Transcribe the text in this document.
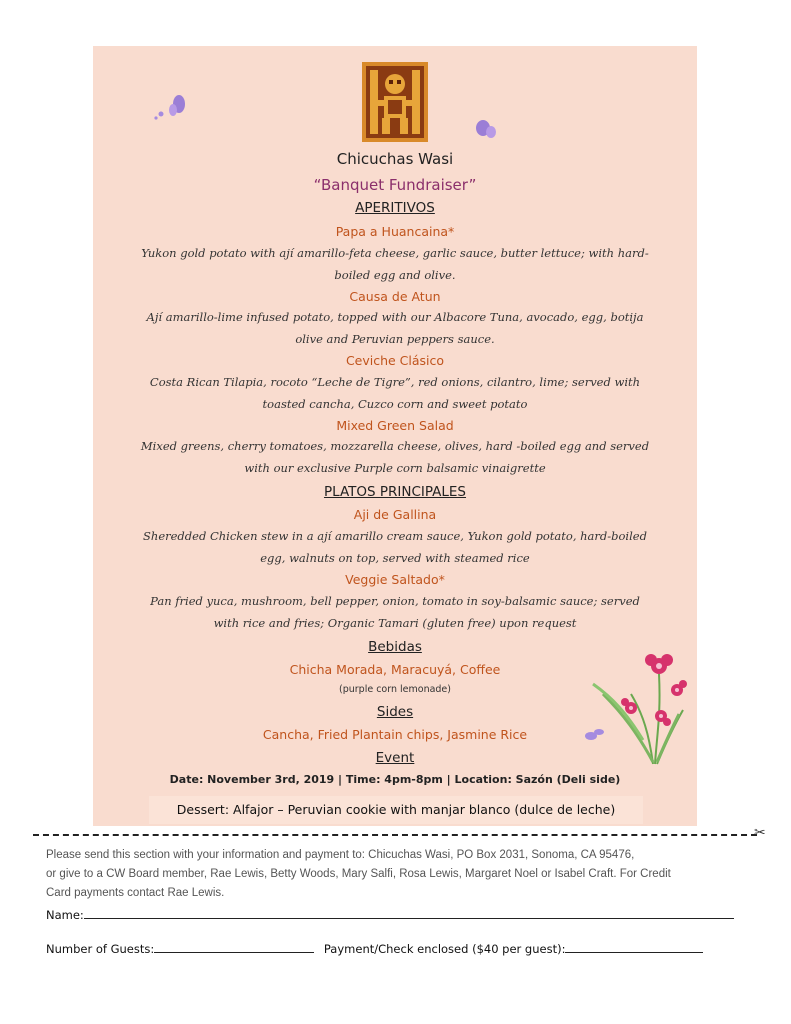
Chicuchas Wasi
“Banquet Fundraiser”
APERITIVOS
Papa a Huancaina*
Yukon gold potato with ají amarillo-feta cheese, garlic sauce, butter lettuce; with hard-
boiled egg and olive.
Causa de Atun
Ají amarillo-lime infused potato, topped with our Albacore Tuna, avocado, egg, botija
olive and Peruvian peppers sauce.
Ceviche Clásico
Costa Rican Tilapia, rocoto “Leche de Tigre”, red onions, cilantro, lime; served with
toasted cancha, Cuzco corn and sweet potato
Mixed Green Salad
Mixed greens, cherry tomatoes, mozzarella cheese, olives, hard -boiled egg and served
with our exclusive Purple corn balsamic vinaigrette
PLATOS PRINCIPALES
Aji de Gallina
Sheredded Chicken stew in a ají amarillo cream sauce, Yukon gold potato, hard-boiled
egg, walnuts on top, served with steamed rice
Veggie Saltado*
Pan fried yuca, mushroom, bell pepper, onion, tomato in soy-balsamic sauce; served
with rice and fries; Organic Tamari (gluten free) upon request
Bebidas
Chicha Morada, Maracuyá, Coffee
(purple corn lemonade)
Sides
Cancha, Fried Plantain chips, Jasmine Rice
Event
Date: November 3rd, 2019 | Time: 4pm-8pm | Location: Sazón (Deli side)
Dessert: Alfajor – Peruvian cookie with manjar blanco (dulce de leche)
✂
Please send this section with your information and payment to: Chicuchas Wasi, PO Box 2031, Sonoma, CA 95476,
or give to a CW Board member, Rae Lewis, Betty Woods, Mary Salfi, Rosa Lewis, Margaret Noel or Isabel Craft. For Credit
Card payments contact Rae Lewis.
Name:
Number of Guests:	Payment/Check enclosed ($40 per guest):
